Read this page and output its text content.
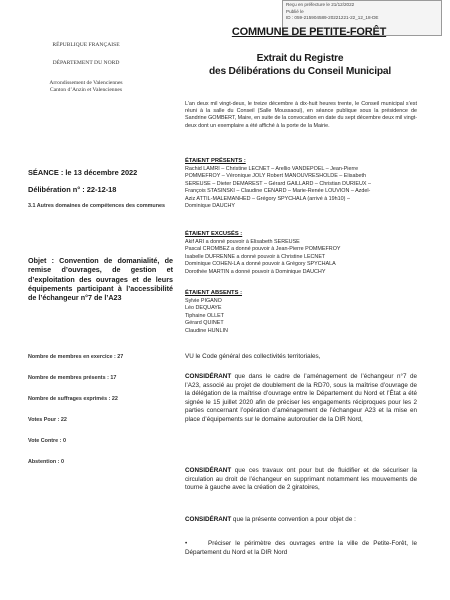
Reçu en préfecture le 21/12/2022
Publié le
ID : 059-215904589-20221221-22_12_18-DE
COMMUNE DE PETITE-FORÊT
RÉPUBLIQUE FRANÇAISE
DÉPARTEMENT DU NORD
Arrondissement de Valenciennes
Canton d’Anzin et Valenciennes
Extrait du Registre
des Délibérations du Conseil Municipal
L’an deux mil vingt-deux, le treize décembre à dix-huit heures trente, le Conseil municipal s’est réuni à la salle du Conseil (Salle Moussaoui), en séance publique sous la présidence de Sandrine GOMBERT, Maire, en suite de la convocation en date du sept décembre deux mil vingt-deux dont un exemplaire a été affiché à la porte de la Mairie.
ÉTAIENT PRÉSENTS :
Rachid LAMRI – Christine LECNET – Arellio VANDEPOEL – Jean-Pierre
POMMEFROY – Véronique JOLY Robert MANOUVRESHOLDE – Élisabeth
SEREUSE – Dieter DEMAREST – Gérard GAILLARD – Christian DURIEUX –
François STASINSKI – Claudine CENARD – Marie-Renée LOUVION – Azdel-
Aziz ATTIL-MALEMANHED – Grégory SPYCHALA (arrivé à 19h10) –
Dominique DAUCHY
ÉTAIENT EXCUSÉS :
Akif ARI a donné pouvoir à Élisabeth SEREUSE
Pascal CROMBEZ a donné pouvoir à Jean-Pierre POMMEFROY
Isabelle DUFRENNE a donné pouvoir à Christine LECNET
Dominique COHEN-LA a donné pouvoir à Grégory SPYCHALA
Dorothée MARTIN a donné pouvoir à Dominique DAUCHY
ÉTAIENT ABSENTS :
Sylvie PIGANO
Léo DEQUAYE
Tiphaine OLLET
Gérard QUINET
Claudine HUNLIN
SÉANCE : le 13 décembre 2022
Délibération n° : 22-12-18
3.1 Autres domaines de compétences des communes
Objet : Convention de domanialité, de remise d’ouvrages, de gestion et d’exploitation des ouvrages et de leurs équipements participant à l’accessibilité de l’échangeur n°7 de l’A23
Nombre de membres en exercice : 27
Nombre de membres présents : 17
Nombre de suffrages exprimés : 22
Votes Pour : 22
Vote Contre : 0
Abstention : 0
VU le Code général des collectivités territoriales,
CONSIDÉRANT que dans le cadre de l’aménagement de l’échangeur n°7 de l’A23, associé au projet de doublement de la RD70, sous la maîtrise d’ouvrage de la délégation de la maîtrise d’ouvrage entre le Département du Nord et l’État a été signée le 15 juillet 2020 afin de préciser les engagements réciproques pour les 2 parties concernant l’opération d’aménagement de l’échangeur A23 et la mise en place d’équipements sur le domaine autoroutier de la DIR Nord,
CONSIDÉRANT que ces travaux ont pour but de fluidifier et de sécuriser la circulation au droit de l’échangeur en supprimant notamment les mouvements de tourne à gauche avec la création de 2 giratoires,
CONSIDÉRANT que la présente convention a pour objet de :
•     Préciser le périmètre des ouvrages entre la ville de Petite-Forêt, le Département du Nord et la DIR Nord
